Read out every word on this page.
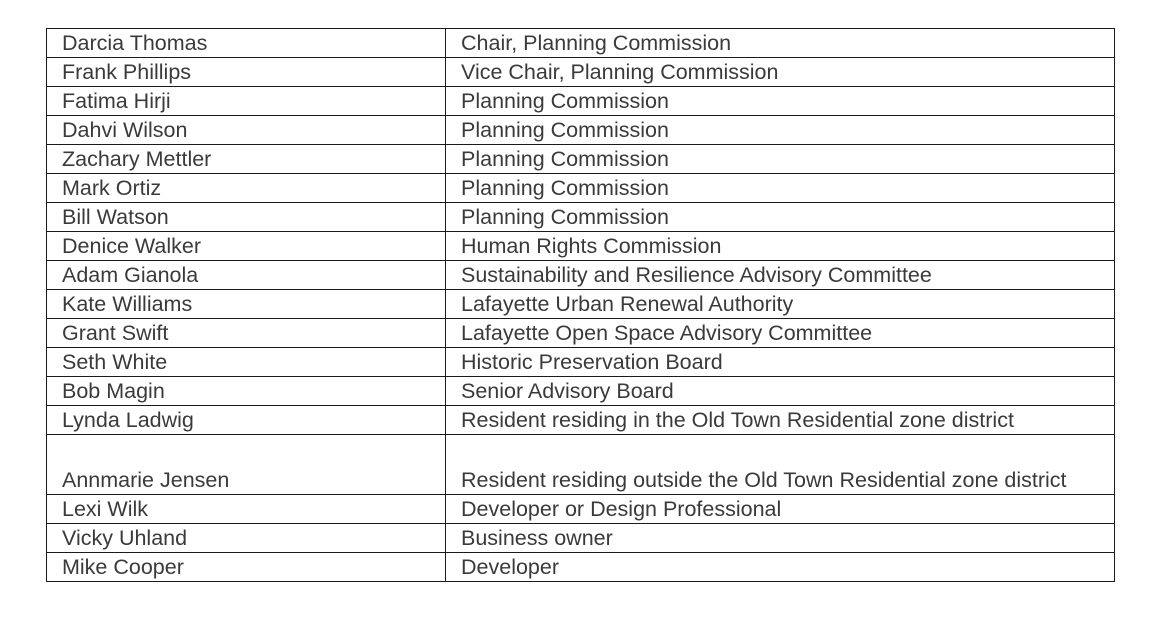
Darcia Thomas	Chair, Planning Commission
Frank Phillips	Vice Chair, Planning Commission
Fatima Hirji	Planning Commission
Dahvi Wilson	Planning Commission
Zachary Mettler	Planning Commission
Mark Ortiz	Planning Commission
Bill Watson	Planning Commission
Denice Walker	Human Rights Commission
Adam Gianola	Sustainability and Resilience Advisory Committee
Kate Williams	Lafayette Urban Renewal Authority
Grant Swift	Lafayette Open Space Advisory Committee
Seth White	Historic Preservation Board
Bob Magin	Senior Advisory Board
Lynda Ladwig	Resident residing in the Old Town Residential zone district
Annmarie Jensen	Resident residing outside the Old Town Residential zone district
Lexi Wilk	Developer or Design Professional
Vicky Uhland	Business owner
Mike Cooper	Developer
